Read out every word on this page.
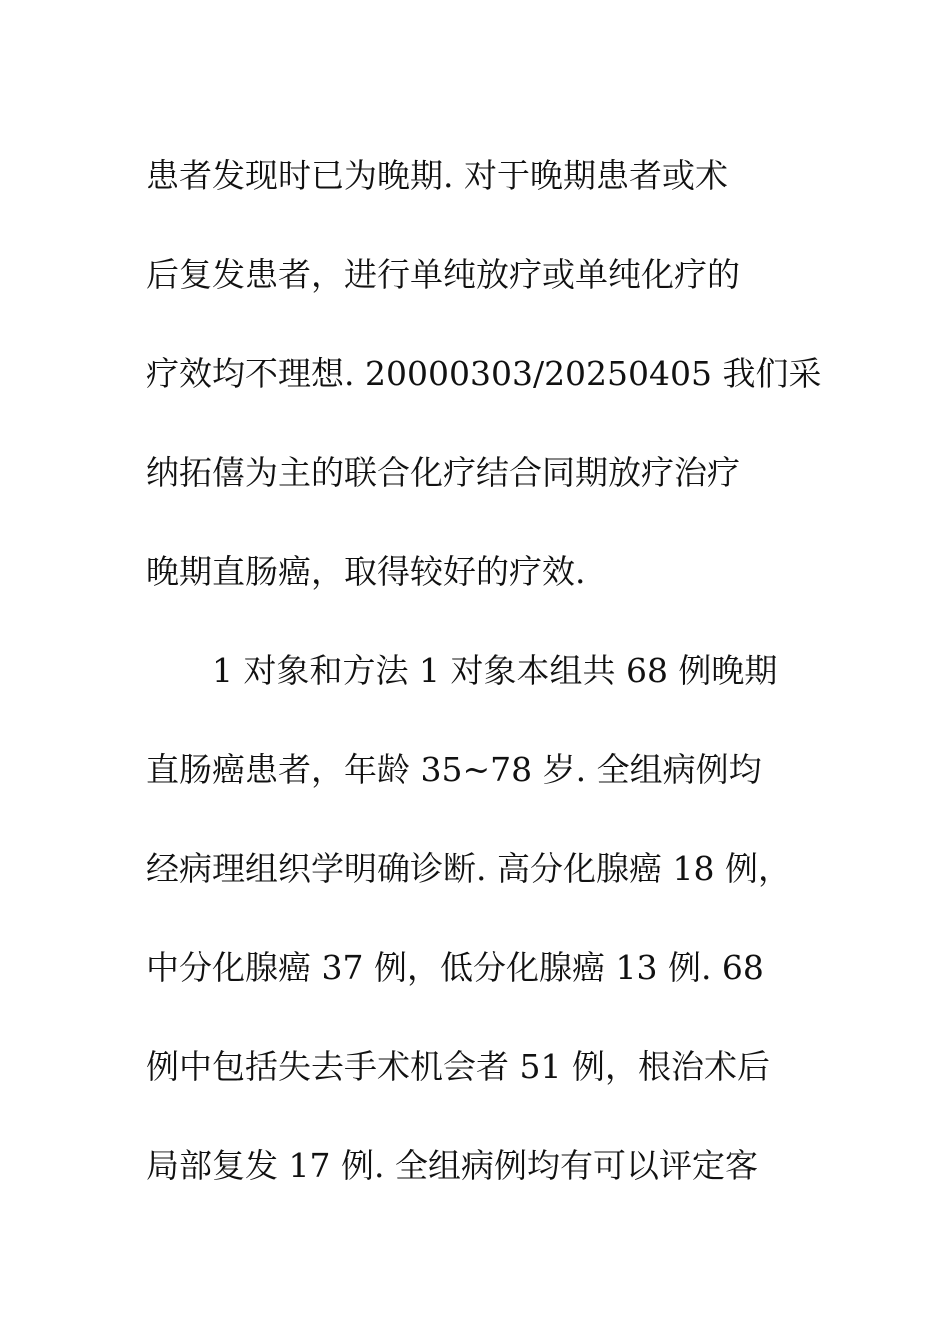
患者发现时已为晚期. 对于晚期患者或术
后复发患者，进行单纯放疗或单纯化疗的
疗效均不理想. 20000303/20250405 我们采
纳拓僖为主的联合化疗结合同期放疗治疗
晚期直肠癌，取得较好的疗效.
1 对象和方法 1 对象本组共 68 例晚期
直肠癌患者，年龄 35~78 岁. 全组病例均
经病理组织学明确诊断. 高分化腺癌 18 例，
中分化腺癌 37 例，低分化腺癌 13 例. 68
例中包括失去手术机会者 51 例，根治术后
局部复发 17 例. 全组病例均有可以评定客
